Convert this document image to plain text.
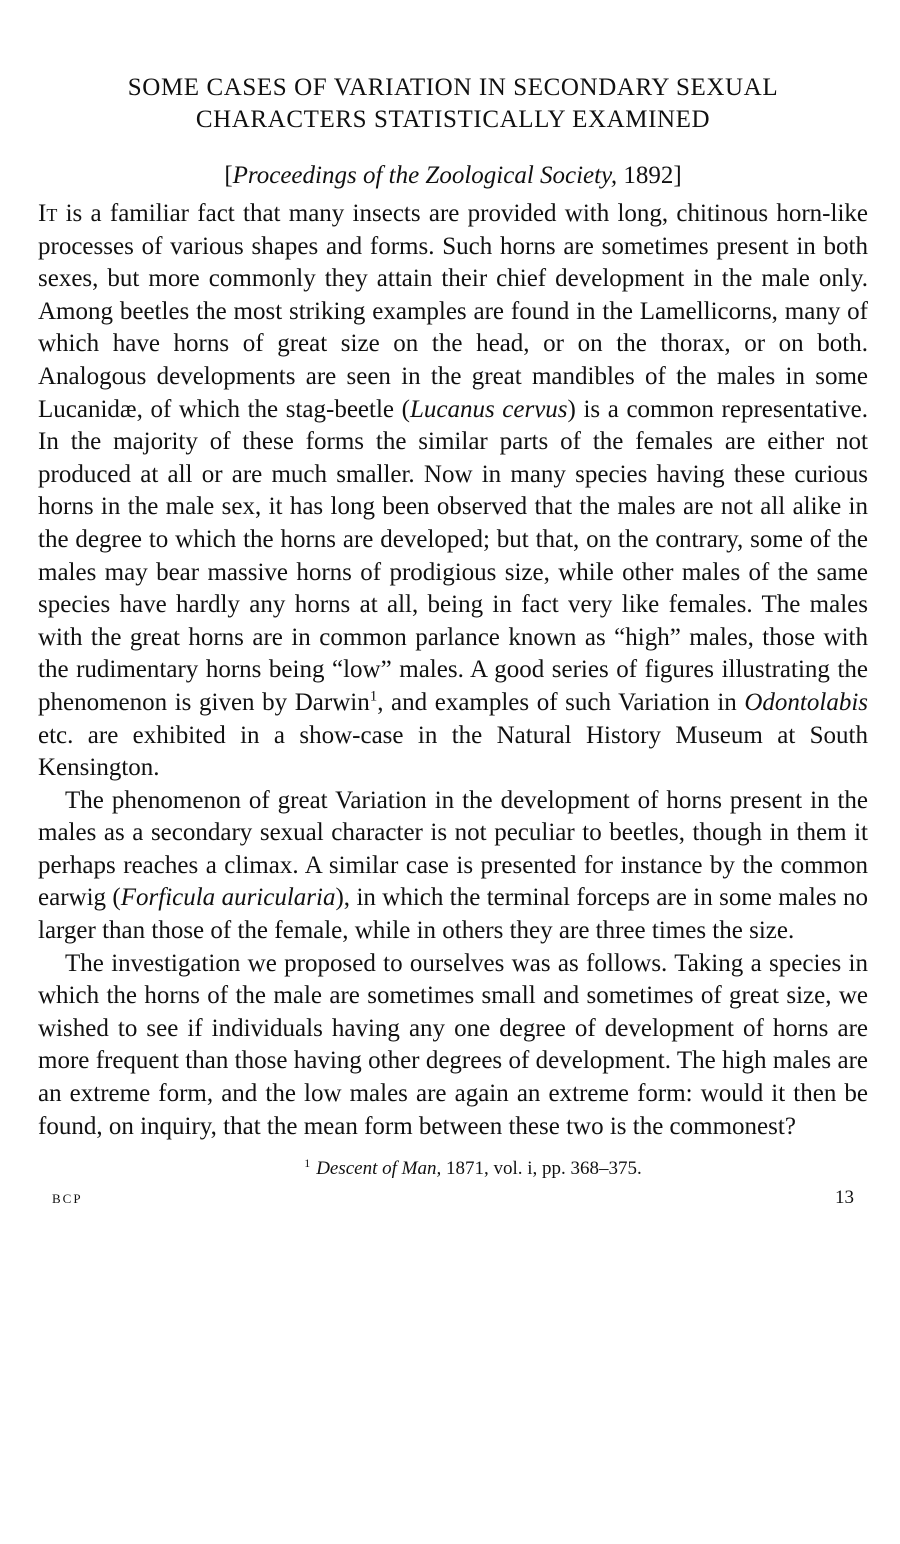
SOME CASES OF VARIATION IN SECONDARY SEXUAL
CHARACTERS STATISTICALLY EXAMINED
[Proceedings of the Zoological Society, 1892]

It is a familiar fact that many insects are provided with long, chitinous horn-like processes of various shapes and forms. Such horns are sometimes present in both sexes, but more commonly they attain their chief development in the male only. Among beetles the most striking examples are found in the Lamellicorns, many of which have horns of great size on the head, or on the thorax, or on both. Analogous developments are seen in the great mandibles of the males in some Lucanidæ, of which the stag-beetle (Lucanus cervus) is a common representative. In the majority of these forms the similar parts of the females are either not produced at all or are much smaller. Now in many species having these curious horns in the male sex, it has long been observed that the males are not all alike in the degree to which the horns are developed; but that, on the contrary, some of the males may bear massive horns of prodigious size, while other males of the same species have hardly any horns at all, being in fact very like females. The males with the great horns are in common parlance known as “high” males, those with the rudimentary horns being “low” males. A good series of figures illustrating the phenomenon is given by Darwin$^1$, and examples of such Variation in Odontolabis etc. are exhibited in a show-case in the Natural History Museum at South Kensington.

The phenomenon of great Variation in the development of horns present in the males as a secondary sexual character is not peculiar to beetles, though in them it perhaps reaches a climax. A similar case is presented for instance by the common earwig (Forficula auricularia), in which the terminal forceps are in some males no larger than those of the female, while in others they are three times the size.

The investigation we proposed to ourselves was as follows. Taking a species in which the horns of the male are sometimes small and sometimes of great size, we wished to see if individuals having any one degree of development of horns are more frequent than those having other degrees of development. The high males are an extreme form, and the low males are again an extreme form: would it then be found, on inquiry, that the mean form between these two is the commonest?

$^1$ Descent of Man, 1871, vol. i, pp. 368–375.
BCP	13
